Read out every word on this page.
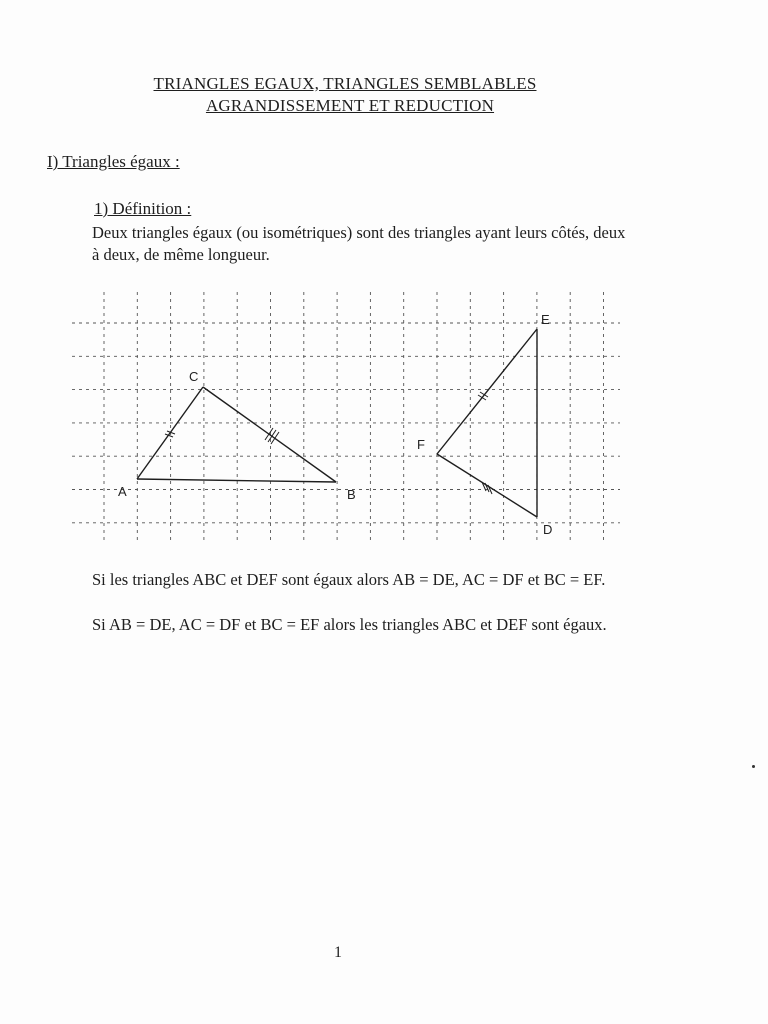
TRIANGLES EGAUX, TRIANGLES SEMBLABLES
AGRANDISSEMENT ET REDUCTION
I) Triangles égaux :
1) Définition :
Deux triangles égaux (ou isométriques) sont des triangles ayant leurs côtés, deux à deux, de même longueur.
A	B
C
D
E
F
Si les triangles ABC et DEF sont égaux alors AB = DE, AC = DF et BC = EF.
Si AB = DE, AC = DF et BC = EF alors les triangles ABC et DEF sont égaux.
1
